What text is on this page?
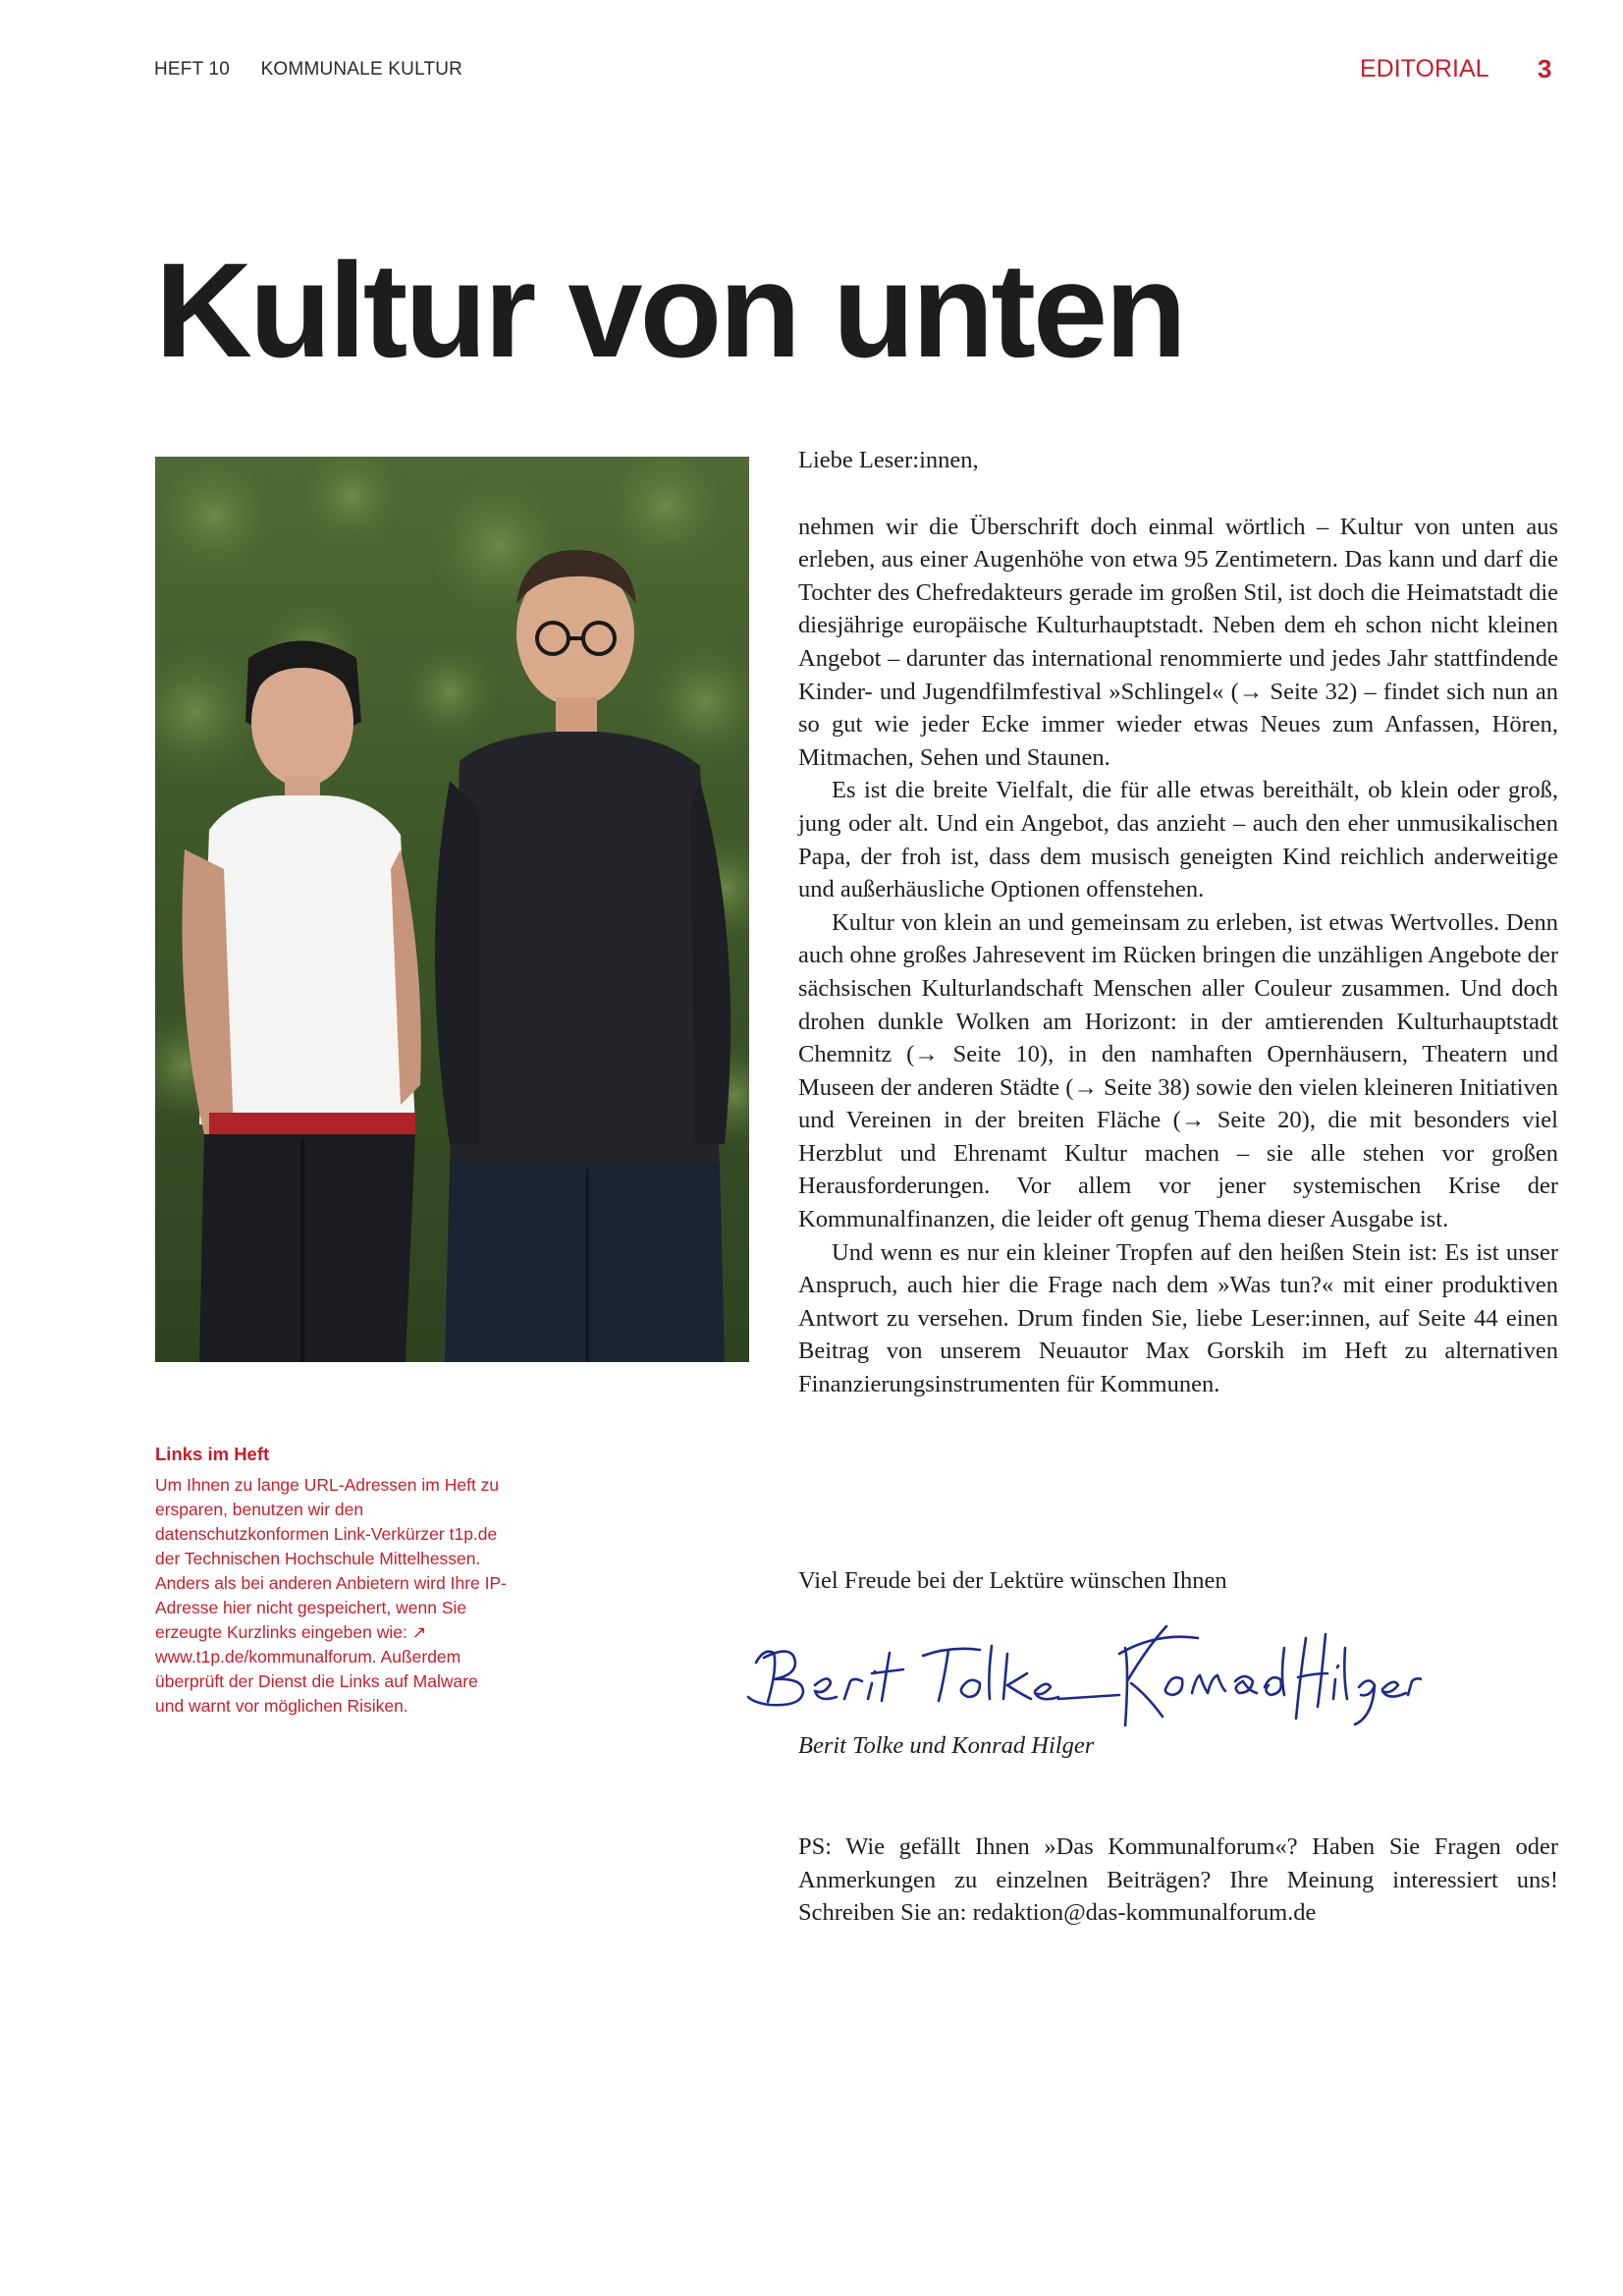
HEFT 10 KOMMUNALE KULTUR	EDITORIAL 3
Kultur von unten
Links im Heft

Um Ihnen zu lange URL-Adressen im Heft zu ersparen, benutzen wir den datenschutzkonformen Link-Verkürzer t1p.de der Technischen Hochschule Mittelhessen. Anders als bei anderen Anbietern wird Ihre IP-Adresse hier nicht gespeichert, wenn Sie erzeugte Kurzlinks eingeben wie: ↗ www.t1p.de/kommunalforum. Außerdem überprüft der Dienst die Links auf Malware und warnt vor möglichen Risiken.

Liebe Leser:innen,

nehmen wir die Überschrift doch einmal wörtlich – Kultur von unten aus erleben, aus einer Augenhöhe von etwa 95 Zentimetern. Das kann und darf die Tochter des Chefredakteurs gerade im großen Stil, ist doch die Heimatstadt die diesjährige europäische Kulturhauptstadt. Neben dem eh schon nicht kleinen Angebot – darunter das international renommierte und jedes Jahr stattfindende Kinder- und Jugendfilmfestival »Schlingel« (→ Seite 32) – findet sich nun an so gut wie jeder Ecke immer wieder etwas Neues zum Anfassen, Hören, Mitmachen, Sehen und Staunen.

Es ist die breite Vielfalt, die für alle etwas bereithält, ob klein oder groß, jung oder alt. Und ein Angebot, das anzieht – auch den eher unmusikalischen Papa, der froh ist, dass dem musisch geneigten Kind reichlich anderweitige und außerhäusliche Optionen offenstehen.

Kultur von klein an und gemeinsam zu erleben, ist etwas Wertvolles. Denn auch ohne großes Jahresevent im Rücken bringen die unzähligen Angebote der sächsischen Kulturlandschaft Menschen aller Couleur zusammen. Und doch drohen dunkle Wolken am Horizont: in der amtierenden Kulturhauptstadt Chemnitz (→ Seite 10), in den namhaften Opernhäusern, Theatern und Museen der anderen Städte (→ Seite 38) sowie den vielen kleineren Initiativen und Vereinen in der breiten Fläche (→ Seite 20), die mit besonders viel Herzblut und Ehrenamt Kultur machen – sie alle stehen vor großen Herausforderungen. Vor allem vor jener systemischen Krise der Kommunalfinanzen, die leider oft genug Thema dieser Ausgabe ist.

Und wenn es nur ein kleiner Tropfen auf den heißen Stein ist: Es ist unser Anspruch, auch hier die Frage nach dem »Was tun?« mit einer produktiven Antwort zu versehen. Drum finden Sie, liebe Leser:innen, auf Seite 44 einen Beitrag von unserem Neuautor Max Gorskih im Heft zu alternativen Finanzierungsinstrumenten für Kommunen.

Viel Freude bei der Lektüre wünschen Ihnen
Berit Tolke und Konrad Hilger

PS: Wie gefällt Ihnen »Das Kommunalforum«? Haben Sie Fragen oder Anmerkungen zu einzelnen Beiträgen? Ihre Meinung interessiert uns! Schreiben Sie an: redaktion@das-kommunalforum.de
